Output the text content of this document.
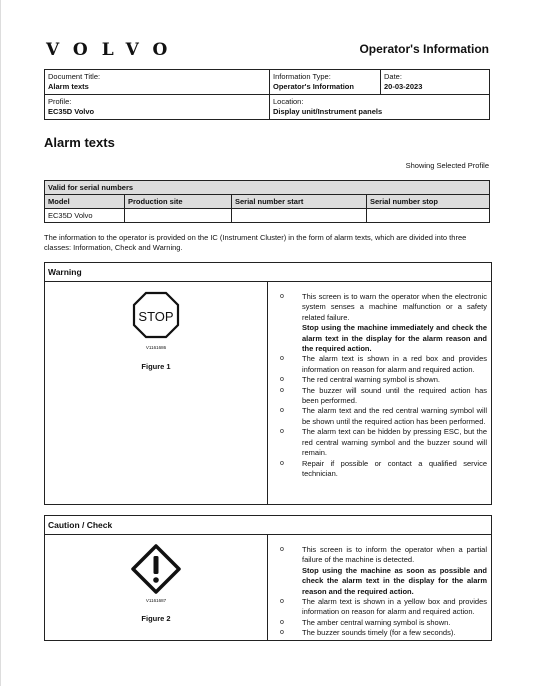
VOLVO	Operator's Information
Document Title:
Alarm texts	Information Type:
Operator's Information	Date:
20-03-2023

Profile:
EC35D Volvo	Location:
Display unit/Instrument panels	
Alarm texts
Showing Selected Profile
Valid for serial numbers			
Model	Production site	Serial number start	Serial number stop
EC35D Volvo			
The information to the operator is provided on the IC (Instrument Cluster) in the form of alarm texts, which are divided into three classes: Information, Check and Warning.
Warning
STOP
V1161686
Figure 1
o This screen is to warn the operator when the electronic system senses a machine malfunction or a safety related failure.
Stop using the machine immediately and check the alarm text in the display for the alarm reason and the required action.
o The alarm text is shown in a red box and provides information on reason for alarm and required action.
o The red central warning symbol is shown.
o The buzzer will sound until the required action has been performed.
o The alarm text and the red central warning symbol will be shown until the required action has been performed.
o The alarm text can be hidden by pressing ESC, but the red central warning symbol and the buzzer sound will remain.
o Repair if possible or contact a qualified service technician.
Caution / Check
V1161687
Figure 2
o This screen is to inform the operator when a partial failure of the machine is detected.
Stop using the machine as soon as possible and check the alarm text in the display for the alarm reason and the required action.
o The alarm text is shown in a yellow box and provides information on reason for alarm and required action.
o The amber central warning symbol is shown.
o The buzzer sounds timely (for a few seconds).
